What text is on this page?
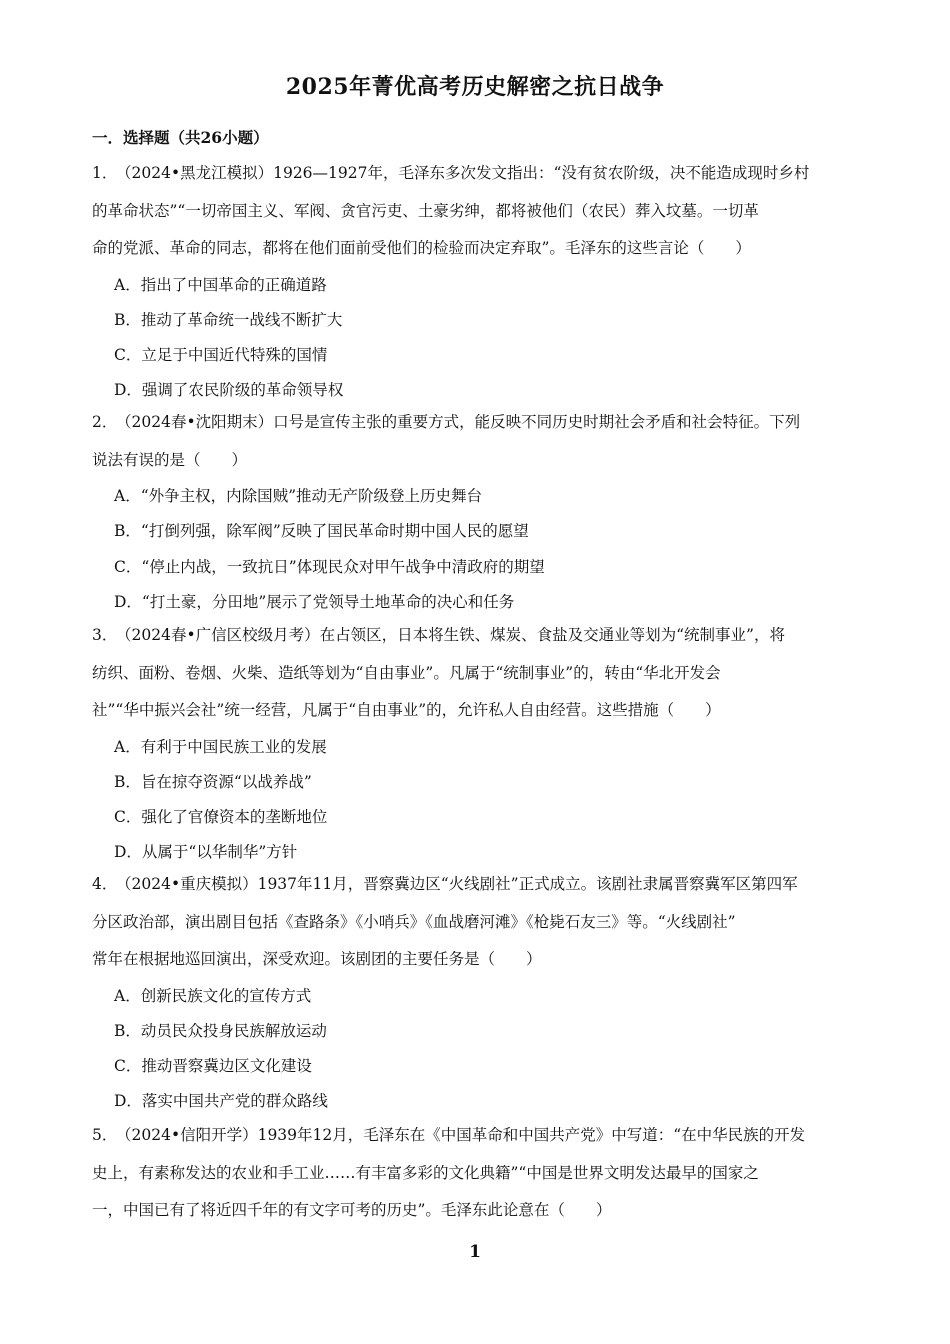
2025年菁优高考历史解密之抗日战争
一．选择题（共26小题）

1．
（2024•黑龙江模拟）1926—1927年，毛泽东多次发文指出：“没有贫农阶级，决不能造成现时乡村

的革命状态”“一切帝国主义、军阀、贪官污吏、土豪劣绅，都将被他们（农民）葬入坟墓。一切革

命的党派、革命的同志，都将在他们面前受他们的检验而决定弃取”。毛泽东的这些言论（　　）

A．指出了中国革命的正确道路
B．推动了革命统一战线不断扩大
C．立足于中国近代特殊的国情
D．强调了农民阶级的革命领导权

2．
（2024春•沈阳期末）口号是宣传主张的重要方式，能反映不同历史时期社会矛盾和社会特征。下列

说法有误的是（　　）

A．“外争主权，内除国贼”推动无产阶级登上历史舞台
B．“打倒列强，除军阀”反映了国民革命时期中国人民的愿望
C．“停止内战，一致抗日”体现民众对甲午战争中清政府的期望
D．“打土豪，分田地”展示了党领导土地革命的决心和任务

3．
（2024春•广信区校级月考）在占领区，日本将生铁、煤炭、食盐及交通业等划为“统制事业”，将

纺织、面粉、卷烟、火柴、造纸等划为“自由事业”。凡属于“统制事业”的，转由“华北开发会

社”“华中振兴会社”统一经营，凡属于“自由事业”的，允许私人自由经营。这些措施（　　）

A．有利于中国民族工业的发展
B．旨在掠夺资源“以战养战”
C．强化了官僚资本的垄断地位
D．从属于“以华制华”方针

4．
（2024•重庆模拟）1937年11月，晋察冀边区“火线剧社”正式成立。该剧社隶属晋察冀军区第四军

分区政治部，演出剧目包括《查路条》《小哨兵》《血战磨河滩》《枪毙石友三》等。“火线剧社”

常年在根据地巡回演出，深受欢迎。该剧团的主要任务是（　　）

A．创新民族文化的宣传方式
B．动员民众投身民族解放运动
C．推动晋察冀边区文化建设
D．落实中国共产党的群众路线

5．
（2024•信阳开学）1939年12月，毛泽东在《中国革命和中国共产党》中写道：“在中华民族的开发

史上，有素称发达的农业和手工业……有丰富多彩的文化典籍”“中国是世界文明发达最早的国家之

一，中国已有了将近四千年的有文字可考的历史”。毛泽东此论意在（　　）

1
